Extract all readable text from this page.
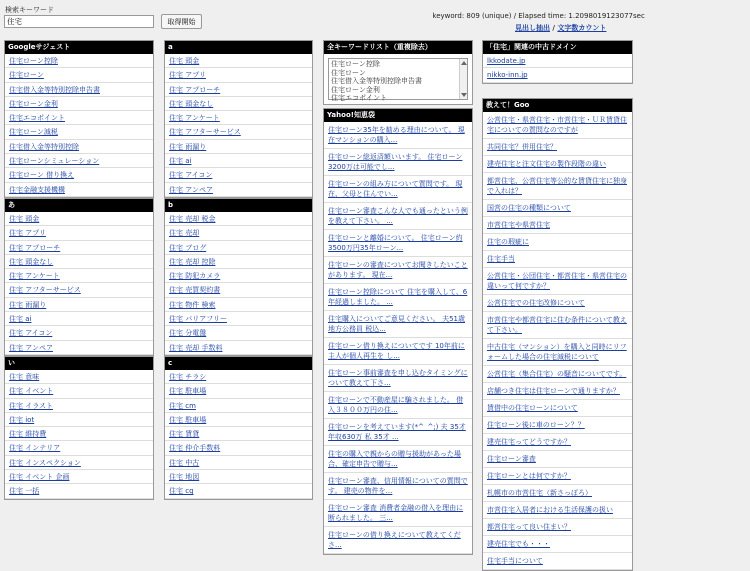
検索キーワード
住宅
取得開始
keyword: 809 (unique) / Elapsed time: 1.2098019123077 sec
見出し抽出 / 文字数カウント
Googleサジェスト
住宅ローン控除
住宅ローン
住宅借入金等特別控除申告書
住宅ローン金利
住宅エコポイント
住宅ローン減税
住宅借入金等特別控除
住宅ローンシミュレーション
住宅ローン 借り換え
住宅金融支援機構
あ
住宅 頭金
住宅 アプリ
住宅 アプローチ
住宅 頭金なし
住宅 アンケート
住宅 アフターサービス
住宅 雨漏り
住宅 ai
住宅 アイコン
住宅 アンペア
い
住宅 意味
住宅 イベント
住宅 イラスト
住宅 iot
住宅 維持費
住宅 インテリア
住宅 インスペクション
住宅 イベント 企画
住宅 一括
a
住宅 頭金
住宅 アプリ
住宅 アプローチ
住宅 頭金なし
住宅 アンケート
住宅 アフターサービス
住宅 雨漏り
住宅 ai
住宅 アイコン
住宅 アンペア
b
住宅 売却 税金
住宅 売却
住宅 ブログ
住宅 売却 控除
住宅 防犯カメラ
住宅 売買契約書
住宅 物件 検索
住宅 バリアフリー
住宅 分電盤
住宅 売却 手数料
c
住宅 チラシ
住宅 駐車場
住宅 cm
住宅 駐車場
住宅 賃貸
住宅 仲介手数料
住宅 中古
住宅 地図
住宅 cg
全キーワードリスト（重複除去）
住宅ローン控除
住宅ローン
住宅借入金等特別控除申告書
住宅ローン金利
住宅エコポイント
Yahoo!知恵袋
住宅ローン35年を勧める理由について。 現在マンションの購入...
住宅ローン総返済額いいます。 住宅ローン3200万は可能でし...
住宅ローンの組み方について質問です。 現在、父母と住んでい...
住宅ローン審査こんな人でも通ったという例を教えて下さい。 ...
住宅ローンと離婚について。 住宅ローン約3500万円35年ローン...
住宅ローンの審査についてお聞きしたいことがあります。 現在...
住宅ローン控除について 住宅を購入して、6年経過しました。 ...
住宅購入についてご意見ください。 夫51歳 地方公務員 税込...
住宅ローン借り換えについてです 10年前に主人が個人再生を し...
住宅ローン事前審査を申し込むタイミングについて教えて下さ...
住宅ローンで不動産屋に騙されました。 借入３８００万円の住...
住宅ローンを考えています(*^_^;) 夫 35才 年収630万 私 35才 ...
住宅の購入で親からの贈与援助があった場合、確定申告で贈与...
住宅ローン審査、信用情報についての質問です。 建売の物件を...
住宅ローン審査 消費者金融の借入を理由に断られました。 三...
住宅ローンの借り換えについて教えてくださ...
「住宅」関連の中古ドメイン
lkkodate.jp
nikko-inn.jp
教えて！Goo
公営住宅・県営住宅・市営住宅・ＵＲ賃貸住宅についての質問なのですが
共同住宅？併用住宅？
建売住宅と注文住宅の製作段階の違い
都営住宅、公営住宅等公的な賃貸住宅に独身で入れは？
国営の住宅の種類について
市営住宅や県営住宅
住宅の瑕疵に
住宅手当
公営住宅・公団住宅・都営住宅・県営住宅の違いって何ですか？
公営住宅での住宅改修について
市営住宅や都営住宅に住む条件について教えて下さい。
中古住宅（マンション）を購入と同時にリフォームした場合の住宅減税について
公営住宅（集合住宅）の騒音についてです。
店舗つき住宅は住宅ローンで通りますか？
賃借中の住宅ローンについて
住宅ローン後に車のローン？？
建売住宅ってどうですか？
住宅ローン審査
住宅ローンとは何ですか？
札幌市の市営住宅（新さっぽろ）
市営住宅入居者における生活保護の扱い
都営住宅って良い住まい？
建売住宅でも・・・
住宅手当について
